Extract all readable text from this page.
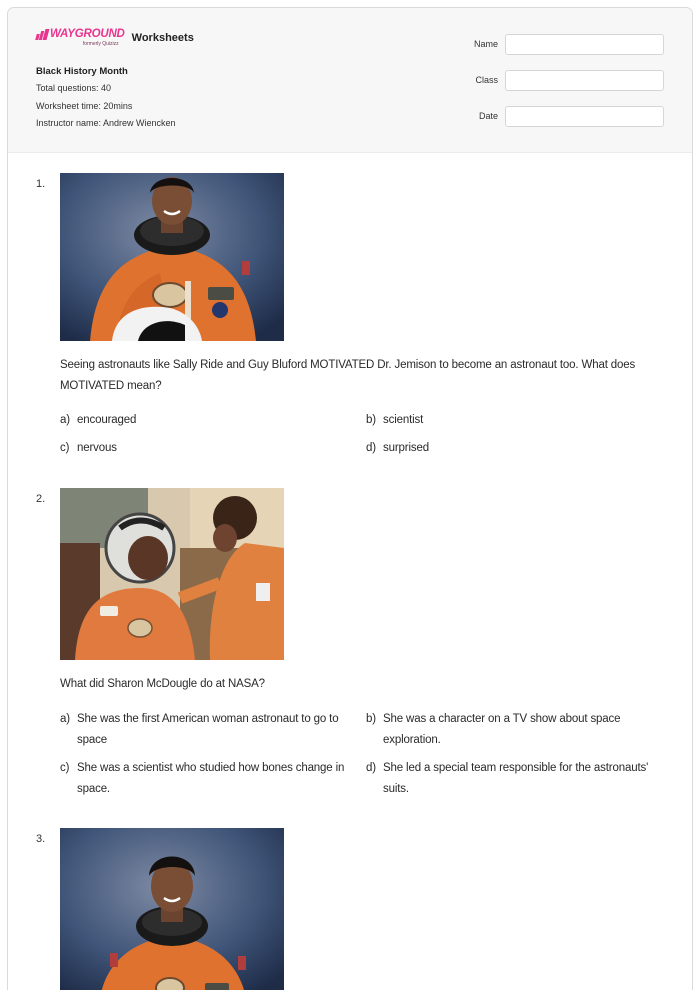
WAYGROUND
formerly Quizizz	Worksheets
Black History Month
Total questions: 40
Worksheet time: 20mins
Instructor name: Andrew Wiencken
Name
Class
Date
1.
Seeing astronauts like Sally Ride and Guy Bluford MOTIVATED Dr. Jemison to become an astronaut too. What does MOTIVATED mean?
a) encouraged	b) scientist
c) nervous	d) surprised
2.
What did Sharon McDougle do at NASA?
a) She was the first American woman astronaut to go to space
b) She was a character on a TV show about space exploration.
c) She was a scientist who studied how bones change in space.
d) She led a special team responsible for the astronauts' suits.
3.
